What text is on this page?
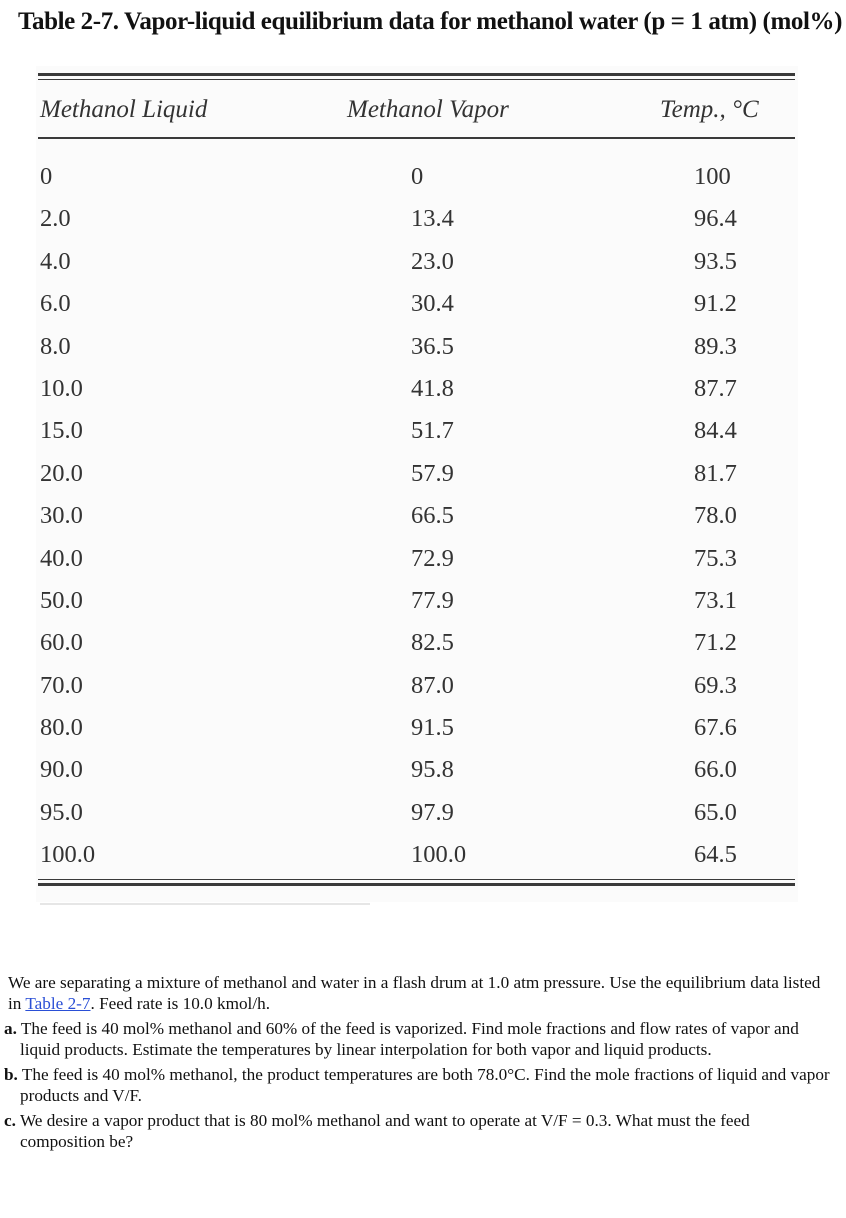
Table 2-7. Vapor-liquid equilibrium data for methanol water (p = 1 atm) (mol%)
Methanol Liquid	Methanol Vapor	Temp., °C
0	0	100
2.0	13.4	96.4
4.0	23.0	93.5
6.0	30.4	91.2
8.0	36.5	89.3
10.0	41.8	87.7
15.0	51.7	84.4
20.0	57.9	81.7
30.0	66.5	78.0
40.0	72.9	75.3
50.0	77.9	73.1
60.0	82.5	71.2
70.0	87.0	69.3
80.0	91.5	67.6
90.0	95.8	66.0
95.0	97.9	65.0
100.0	100.0	64.5
We are separating a mixture of methanol and water in a flash drum at 1.0 atm pressure. Use the equilibrium data listed in Table 2-7. Feed rate is 10.0 kmol/h.
a. The feed is 40 mol% methanol and 60% of the feed is vaporized. Find mole fractions and flow rates of vapor and liquid products. Estimate the temperatures by linear interpolation for both vapor and liquid products.
b. The feed is 40 mol% methanol, the product temperatures are both 78.0°C. Find the mole fractions of liquid and vapor products and V/F.
c. We desire a vapor product that is 80 mol% methanol and want to operate at V/F = 0.3. What must the feed composition be?
